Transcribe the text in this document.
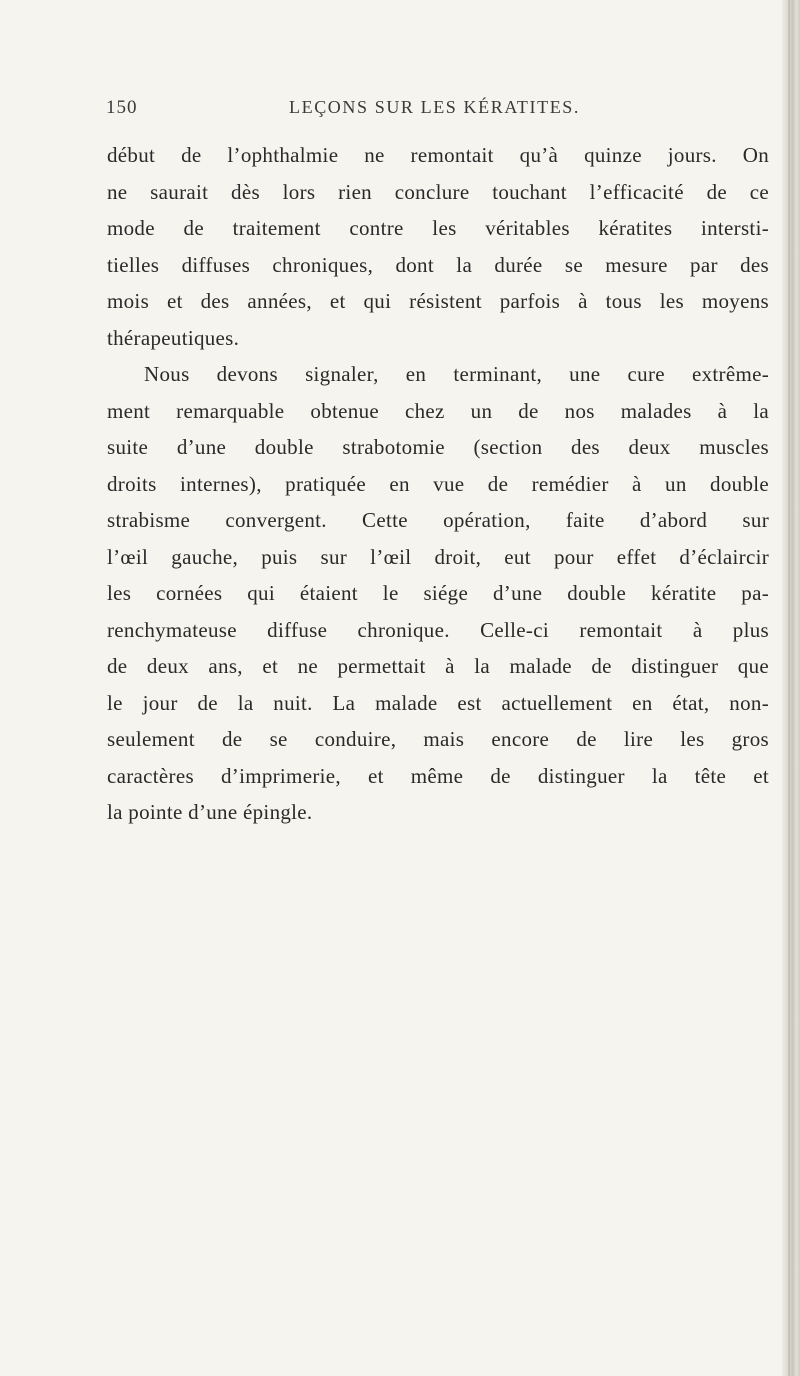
150	LEÇONS SUR LES KÉRATITES.
début de l’ophthalmie ne remontait qu’à quinze jours. On
ne saurait dès lors rien conclure touchant l’efficacité de ce
mode de traitement contre les véritables kératites intersti-
tielles diffuses chroniques, dont la durée se mesure par des
mois et des années, et qui résistent parfois à tous les moyens
thérapeutiques.
Nous devons signaler, en terminant, une cure extrême-
ment remarquable obtenue chez un de nos malades à la
suite d’une double strabotomie (section des deux muscles
droits internes), pratiquée en vue de remédier à un double
strabisme convergent. Cette opération, faite d’abord sur
l’œil gauche, puis sur l’œil droit, eut pour effet d’éclaircir
les cornées qui étaient le siége d’une double kératite pa-
renchymateuse diffuse chronique. Celle-ci remontait à plus
de deux ans, et ne permettait à la malade de distinguer que
le jour de la nuit. La malade est actuellement en état, non-
seulement de se conduire, mais encore de lire les gros
caractères d’imprimerie, et même de distinguer la tête et
la pointe d’une épingle.
